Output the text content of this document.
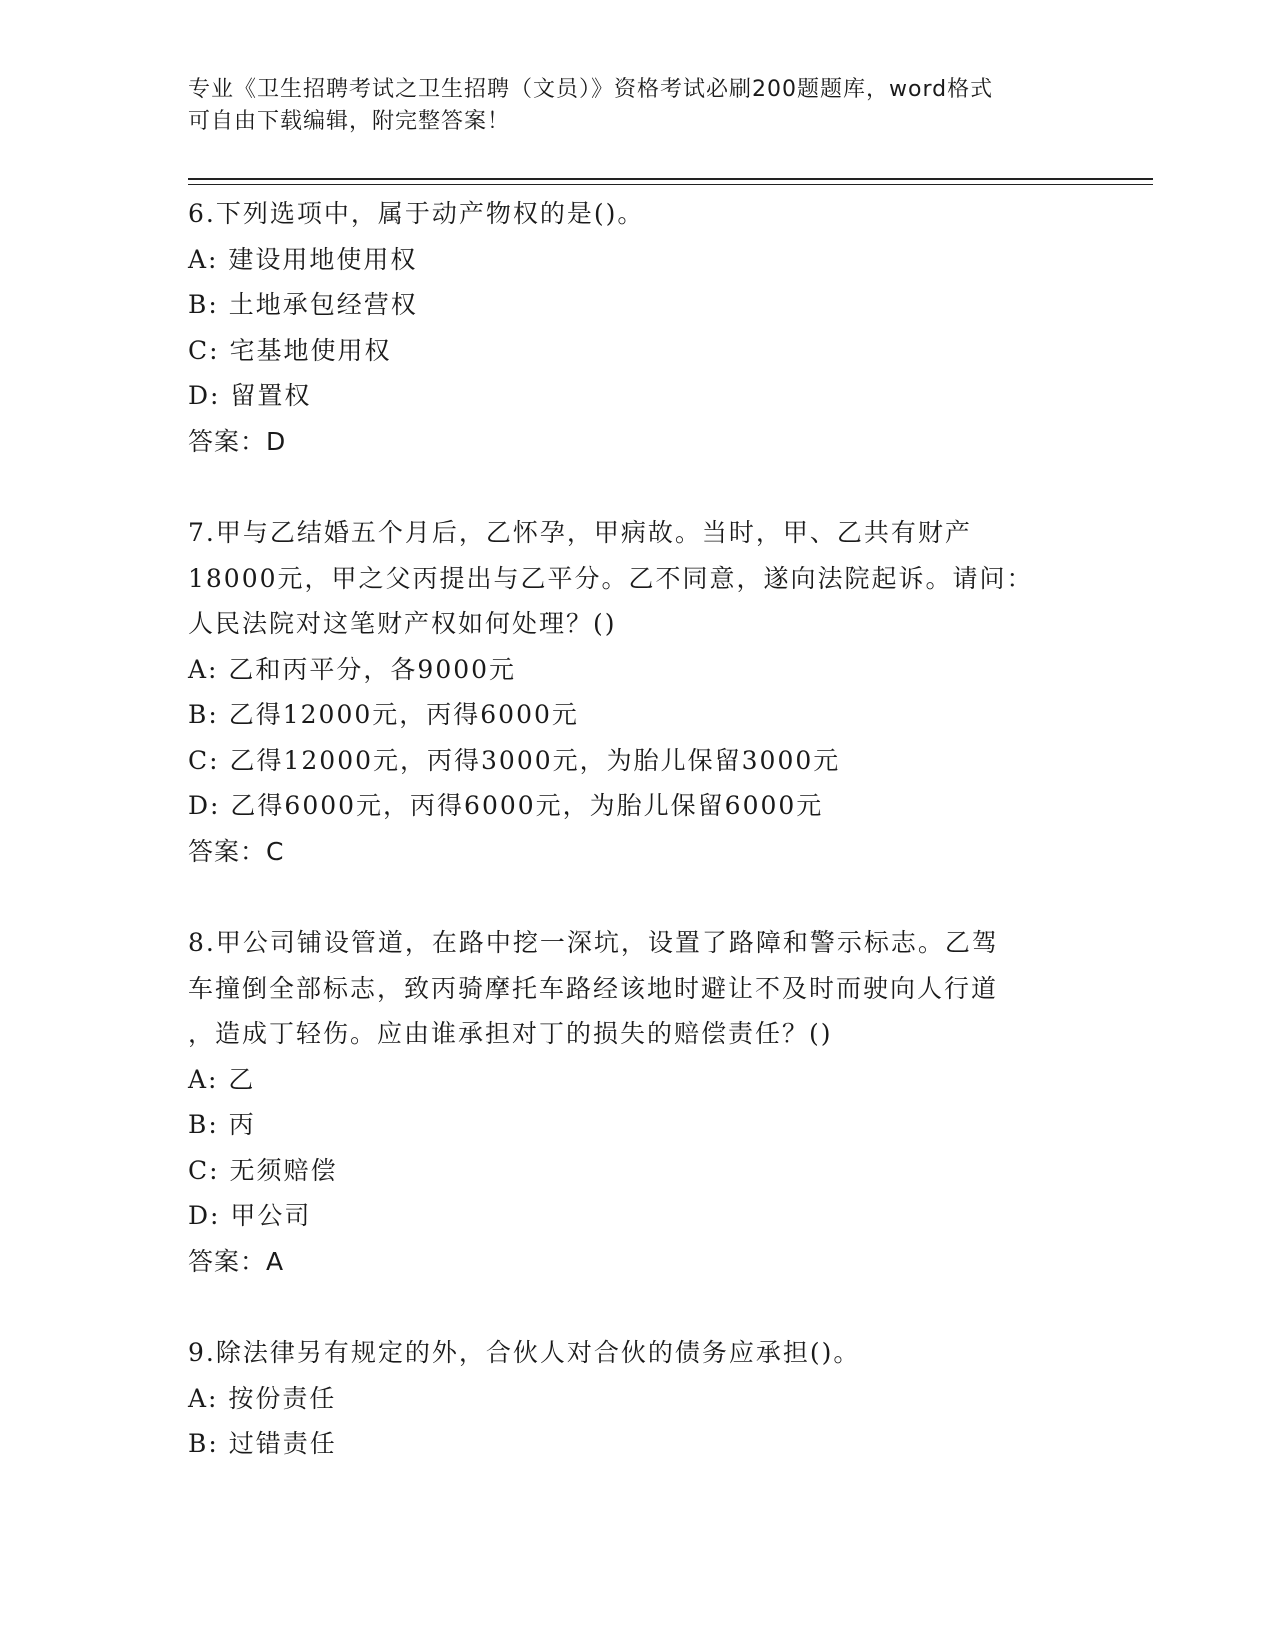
专业《卫生招聘考试之卫生招聘（文员）》资格考试必刷200题题库，word格式

可自由下载编辑，附完整答案！

6.下列选项中，属于动产物权的是()。

A: 建设用地使用权

B: 土地承包经营权

C: 宅基地使用权

D: 留置权

答案：D

7.甲与乙结婚五个月后，乙怀孕，甲病故。当时，甲、乙共有财产

18000元，甲之父丙提出与乙平分。乙不同意，遂向法院起诉。请问：

人民法院对这笔财产权如何处理？()

A: 乙和丙平分，各9000元

B: 乙得12000元，丙得6000元

C: 乙得12000元，丙得3000元，为胎儿保留3000元

D: 乙得6000元，丙得6000元，为胎儿保留6000元

答案：C

8.甲公司铺设管道，在路中挖一深坑，设置了路障和警示标志。乙驾

车撞倒全部标志，致丙骑摩托车路经该地时避让不及时而驶向人行道

，造成丁轻伤。应由谁承担对丁的损失的赔偿责任？()

A: 乙

B: 丙

C: 无须赔偿

D: 甲公司

答案：A

9.除法律另有规定的外，合伙人对合伙的债务应承担()。

A: 按份责任

B: 过错责任
